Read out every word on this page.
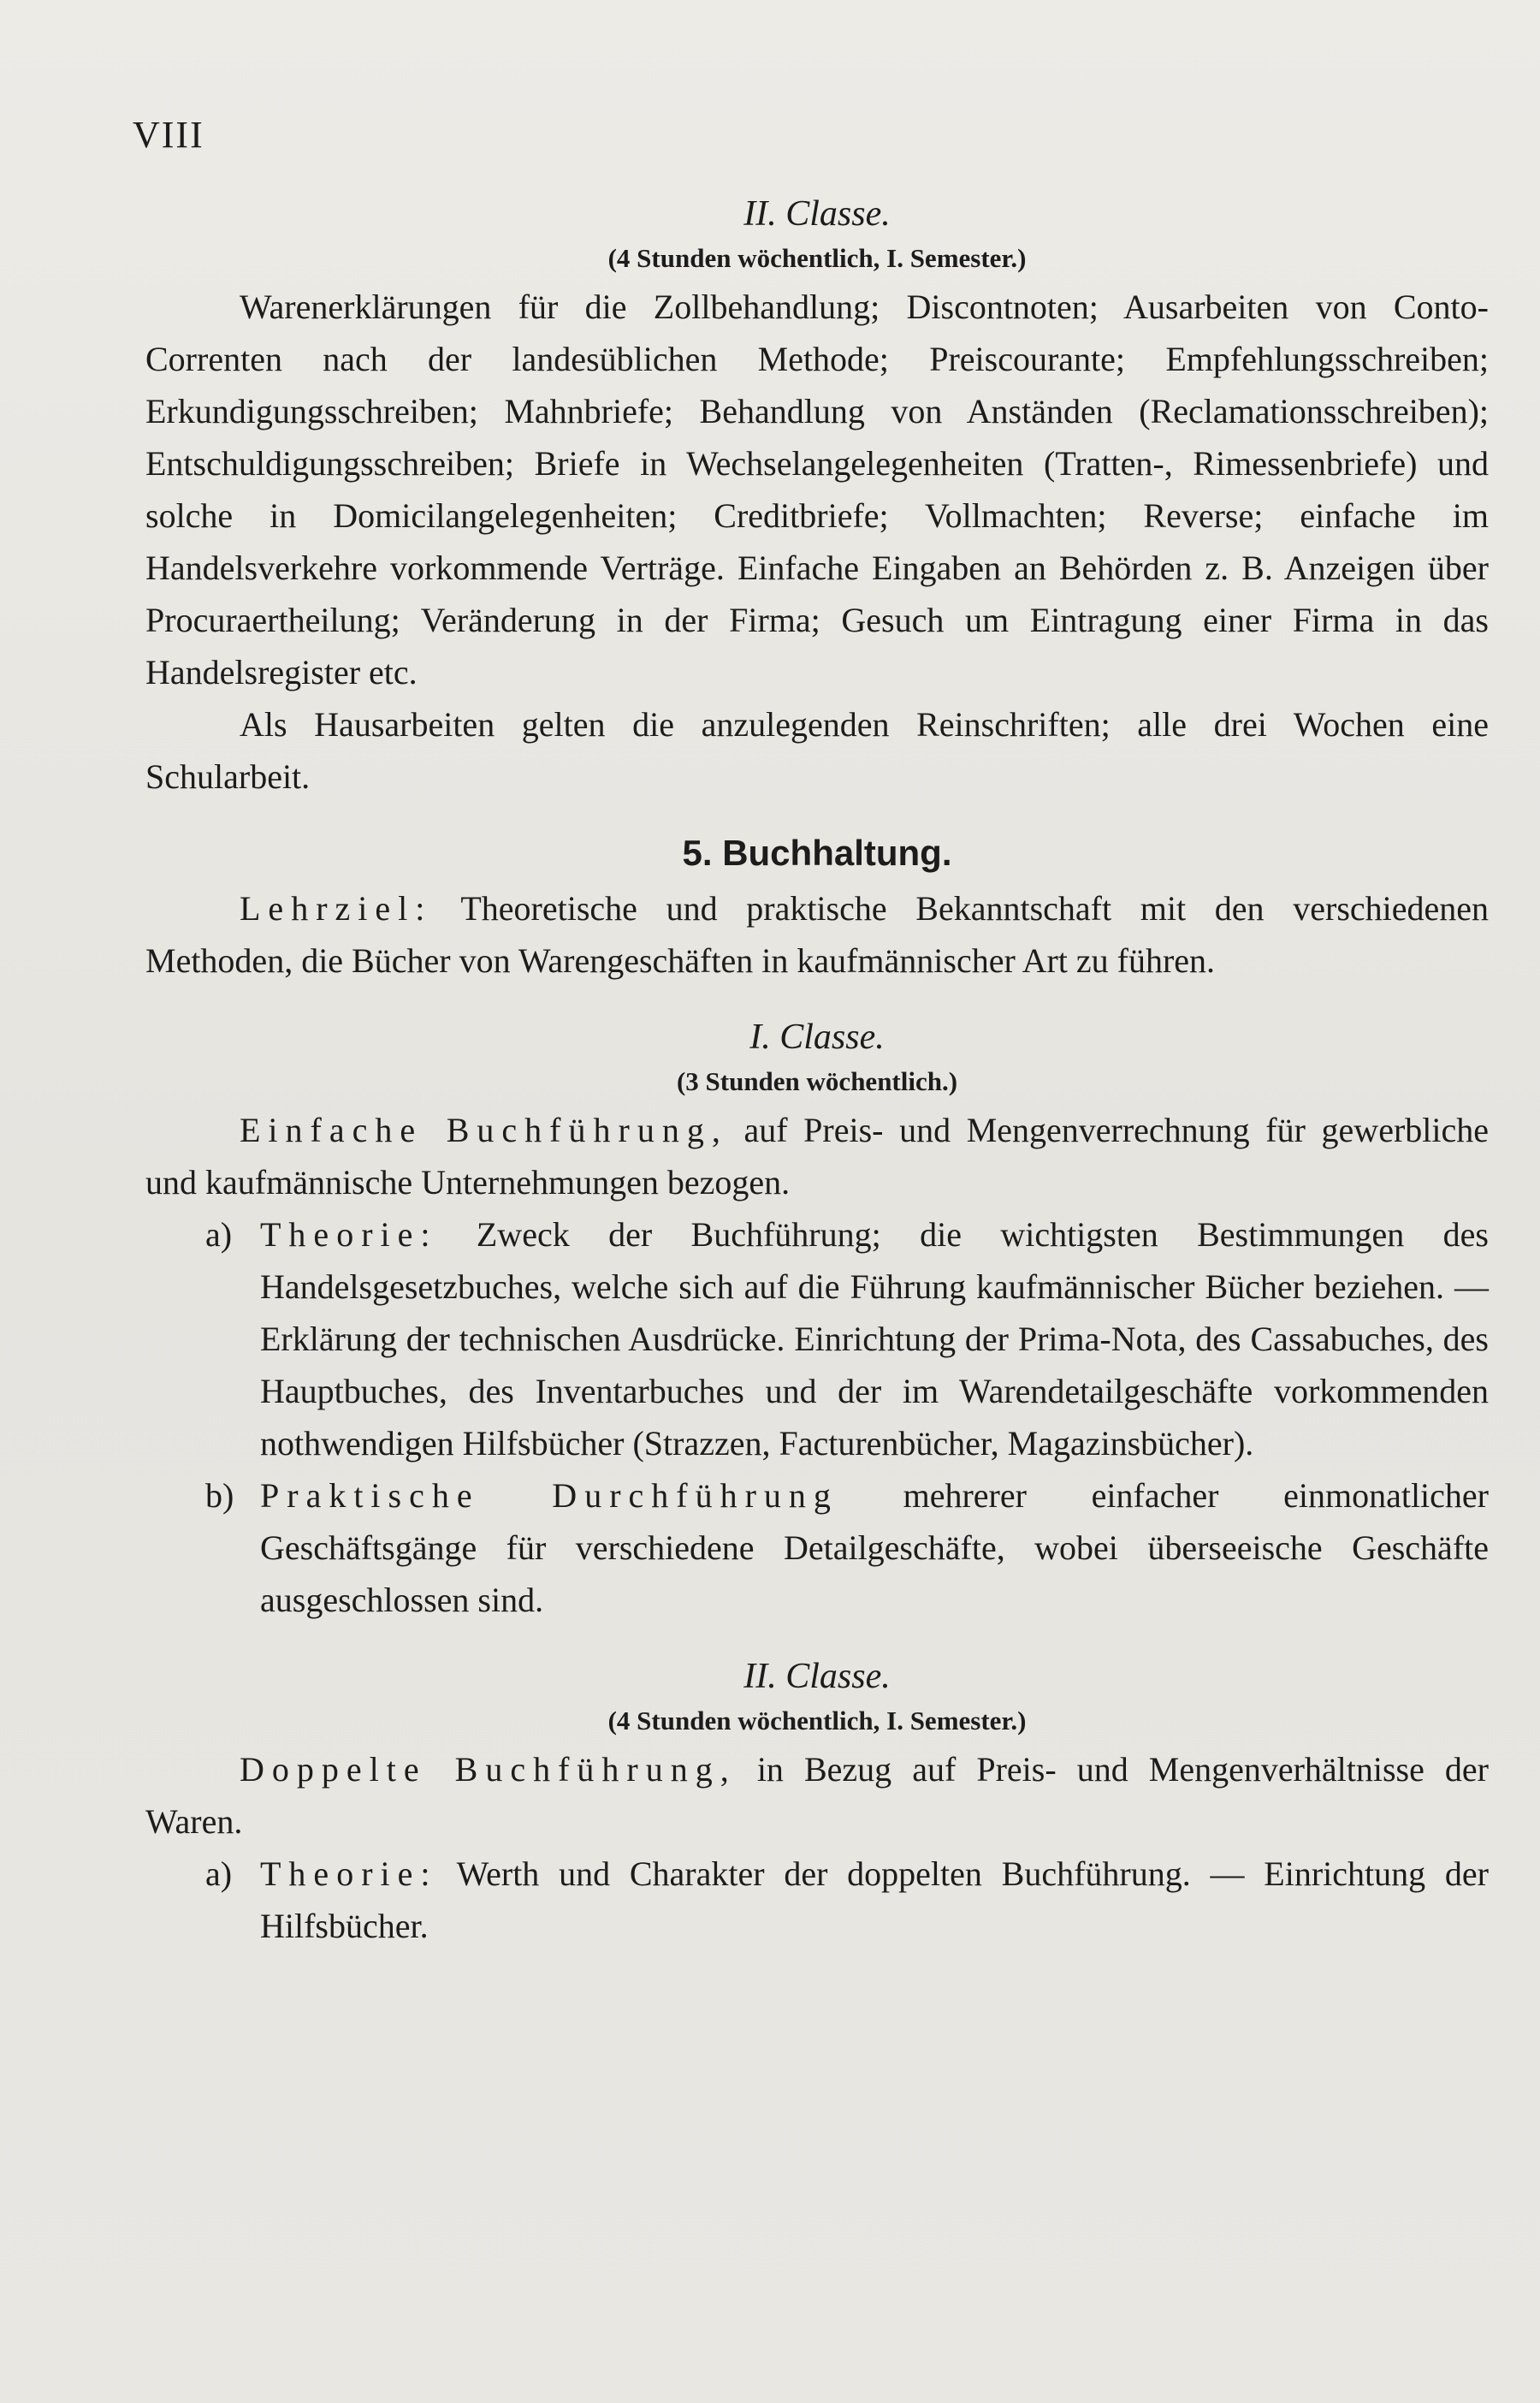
VIII
II. Classe.
(4 Stunden wöchentlich, I. Semester.)

Warenerklärungen für die Zollbehandlung; Discontnoten; Ausarbeiten von Conto-Correnten nach der landesüblichen Methode; Preiscourante; Empfehlungsschreiben; Erkundigungsschreiben; Mahnbriefe; Behandlung von Anständen (Reclamationsschreiben); Entschuldigungsschreiben; Briefe in Wechselangelegenheiten (Tratten-, Rimessenbriefe) und solche in Domicilangelegenheiten; Creditbriefe; Vollmachten; Reverse; einfache im Handelsverkehre vorkommende Verträge. Einfache Eingaben an Behörden z. B. Anzeigen über Procuraertheilung; Veränderung in der Firma; Gesuch um Eintragung einer Firma in das Handelsregister etc.

Als Hausarbeiten gelten die anzulegenden Reinschriften; alle drei Wochen eine Schularbeit.

5. Buchhaltung.

Lehrziel: Theoretische und praktische Bekanntschaft mit den verschiedenen Methoden, die Bücher von Warengeschäften in kaufmännischer Art zu führen.

I. Classe.
(3 Stunden wöchentlich.)

Einfache Buchführung, auf Preis- und Mengenverrechnung für gewerbliche und kaufmännische Unternehmungen bezogen.

a) Theorie: Zweck der Buchführung; die wichtigsten Bestimmungen des Handelsgesetzbuches, welche sich auf die Führung kaufmännischer Bücher beziehen. — Erklärung der technischen Ausdrücke. Einrichtung der Prima-Nota, des Cassabuches, des Hauptbuches, des Inventarbuches und der im Warendetailgeschäfte vorkommenden nothwendigen Hilfsbücher (Strazzen, Facturenbücher, Magazinsbücher).
b) Praktische Durchführung mehrerer einfacher einmonatlicher Geschäftsgänge für verschiedene Detailgeschäfte, wobei überseeische Geschäfte ausgeschlossen sind.
II. Classe.
(4 Stunden wöchentlich, I. Semester.)

Doppelte Buchführung, in Bezug auf Preis- und Mengenverhältnisse der Waren.

a) Theorie: Werth und Charakter der doppelten Buchführung. — Einrichtung der Hilfsbücher.
